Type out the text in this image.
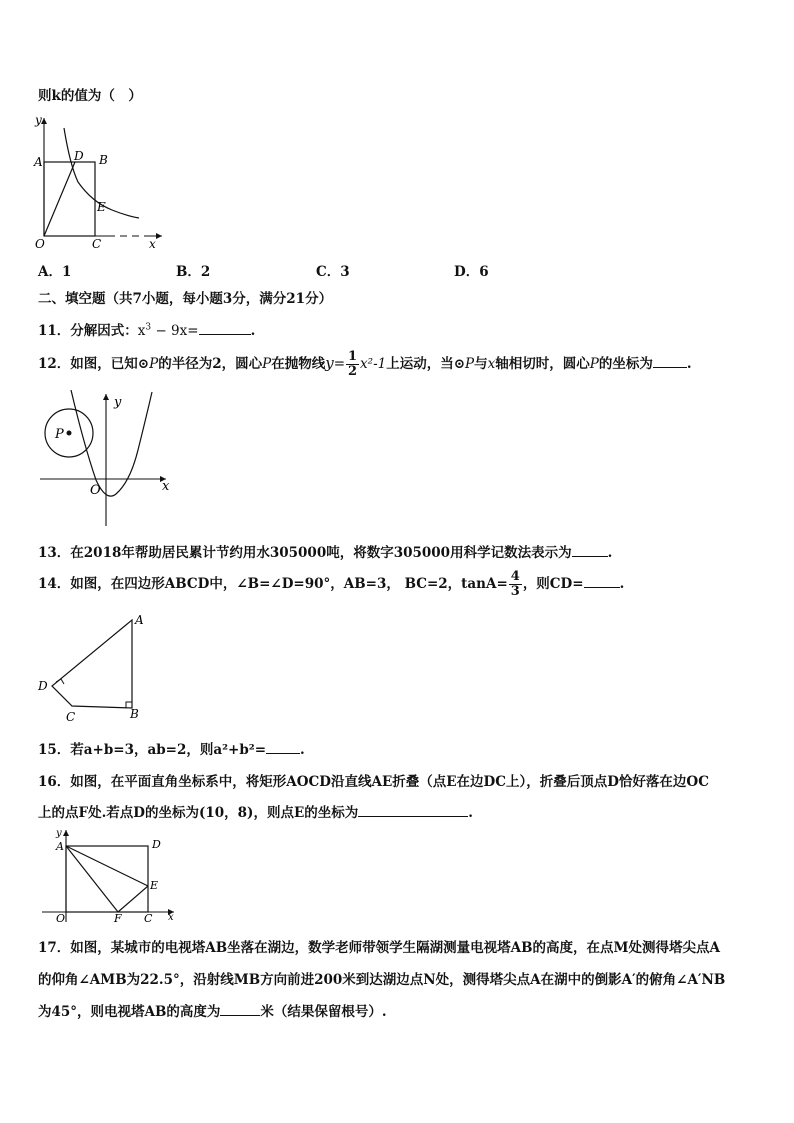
则k的值为（　）
y
A	D B
E
O	C	x
A．1	B．2	C．3	D．6
二、填空题（共7小题，每小题3分，满分21分）
11．分解因式：$x^3 - 9x=$	.
12．如图，已知⊙P的半径为2，圆心P在抛物线$y= \frac{1}{2} x^2-1$上运动，当⊙P与x轴相切时，圆心P的坐标为	.
P
y
O	x
13．在2018年帮助居民累计节约用水305000吨，将数字305000用科学记数法表示为	.
14．如图，在四边形ABCD中，∠B=∠D=90°，AB=3， BC=2，$\tan A= \frac{4}{3}$ ，则CD=	.
A
D
C	B
15．若a+b=3，ab=2，则a²+b²=	.
16．如图，在平面直角坐标系中，将矩形AOCD沿直线AE折叠（点E在边DC上），折叠后顶点D恰好落在边OC
上的点F处.若点D的坐标为(10，8)，则点E的坐标为	.
y
A	D
E
O	F C x
17．如图，某城市的电视塔AB坐落在湖边，数学老师带领学生隔湖测量电视塔AB的高度，在点M处测得塔尖点A
的仰角∠AMB为22.5°，沿射线MB方向前进200米到达湖边点N处，测得塔尖点A在湖中的倒影A′的俯角∠A′NB
为45°，则电视塔AB的高度为	米（结果保留根号）.
